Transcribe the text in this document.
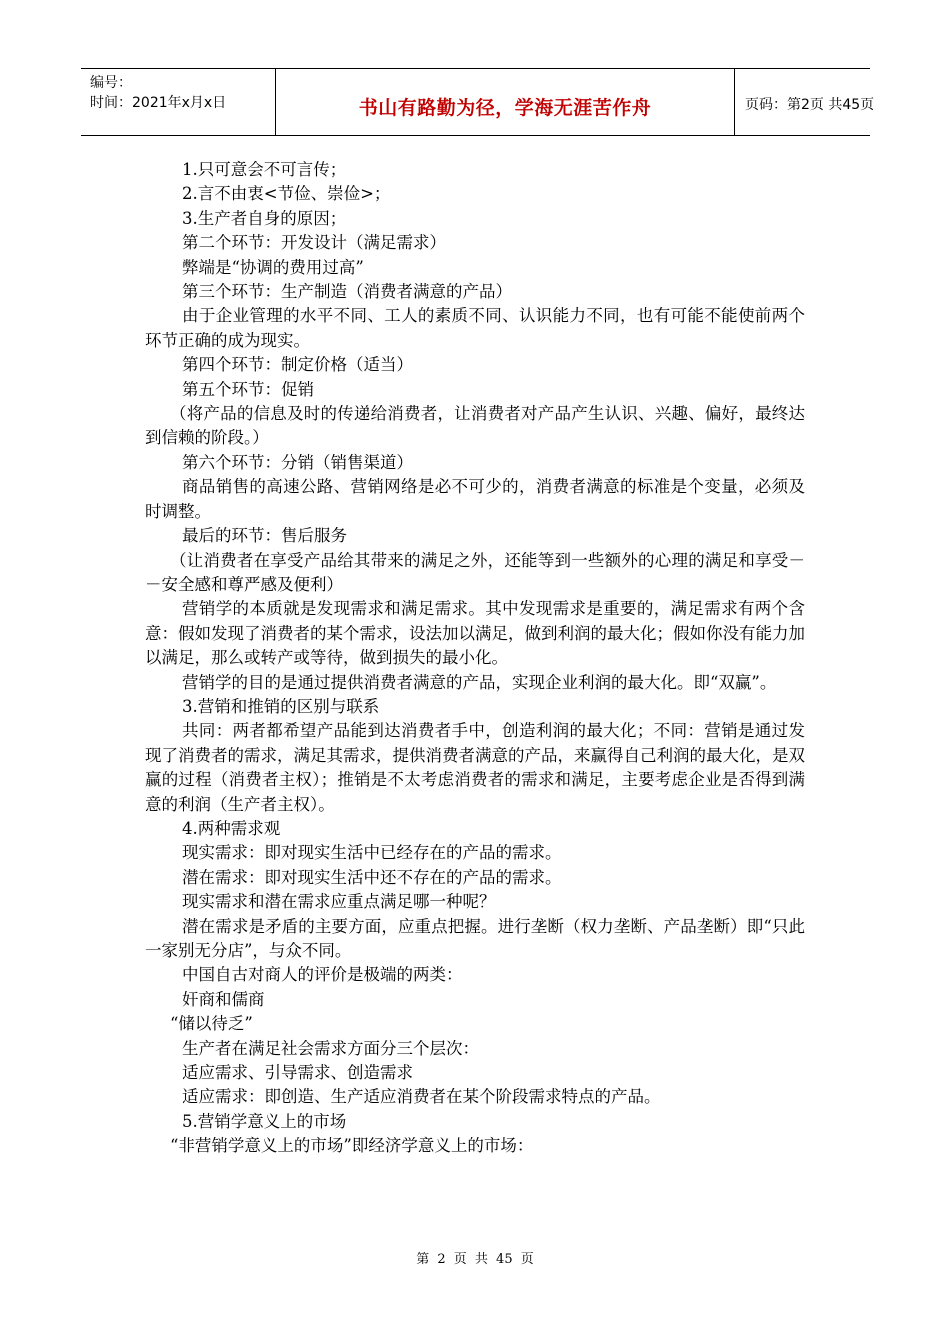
编号：
时间：2021年x月x日	书山有路勤为径，学海无涯苦作舟	页码：第2页 共45页

1.只可意会不可言传；

2.言不由衷<节俭、崇俭>；

3.生产者自身的原因；

第二个环节：开发设计（满足需求）

弊端是“协调的费用过高”

第三个环节：生产制造（消费者满意的产品）

由于企业管理的水平不同、工人的素质不同、认识能力不同，也有可能不能使前两个环节正确的成为现实。

第四个环节：制定价格（适当）

第五个环节：促销

（将产品的信息及时的传递给消费者，让消费者对产品产生认识、兴趣、偏好，最终达到信赖的阶段。）

第六个环节：分销（销售渠道）

商品销售的高速公路、营销网络是必不可少的，消费者满意的标准是个变量，必须及时调整。

最后的环节：售后服务

（让消费者在享受产品给其带来的满足之外，还能等到一些额外的心理的满足和享受－－安全感和尊严感及便利）

营销学的本质就是发现需求和满足需求。其中发现需求是重要的，满足需求有两个含意：假如发现了消费者的某个需求，设法加以满足，做到利润的最大化；假如你没有能力加以满足，那么或转产或等待，做到损失的最小化。

营销学的目的是通过提供消费者满意的产品，实现企业利润的最大化。即“双赢”。

3.营销和推销的区别与联系

共同：两者都希望产品能到达消费者手中，创造利润的最大化；不同：营销是通过发现了消费者的需求，满足其需求，提供消费者满意的产品，来赢得自己利润的最大化，是双赢的过程（消费者主权）；推销是不太考虑消费者的需求和满足，主要考虑企业是否得到满意的利润（生产者主权）。

4.两种需求观

现实需求：即对现实生活中已经存在的产品的需求。

潜在需求：即对现实生活中还不存在的产品的需求。

现实需求和潜在需求应重点满足哪一种呢？

潜在需求是矛盾的主要方面，应重点把握。进行垄断（权力垄断、产品垄断）即“只此一家别无分店”，与众不同。

中国自古对商人的评价是极端的两类：

奸商和儒商

“储以待乏”

生产者在满足社会需求方面分三个层次：

适应需求、引导需求、创造需求

适应需求：即创造、生产适应消费者在某个阶段需求特点的产品。

5.营销学意义上的市场

“非营销学意义上的市场”即经济学意义上的市场：

第 2 页 共 45 页
